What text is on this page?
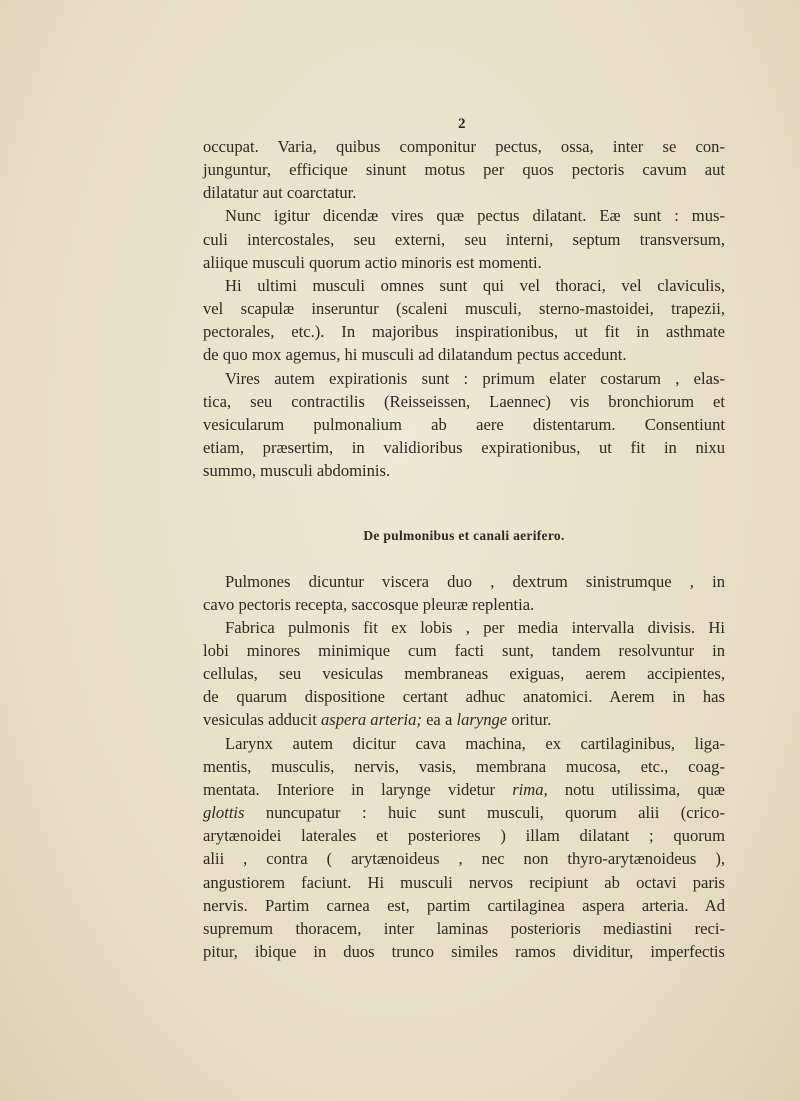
2
occupat. Varia, quibus componitur pectus, ossa, inter se con-
junguntur, efficique sinunt motus per quos pectoris cavum aut
dilatatur aut coarctatur.
Nunc igitur dicendæ vires quæ pectus dilatant. Eæ sunt : mus-
culi intercostales, seu externi, seu interni, septum transversum,
aliique musculi quorum actio minoris est momenti.
Hi ultimi musculi omnes sunt qui vel thoraci, vel claviculis,
vel scapulæ inseruntur (scaleni musculi, sterno-mastoidei, trapezii,
pectorales, etc.). In majoribus inspirationibus, ut fit in asthmate
de quo mox agemus, hi musculi ad dilatandum pectus accedunt.
Vires autem expirationis sunt : primum elater costarum , elas-
tica, seu contractilis (Reisseissen, Laennec) vis bronchiorum et
vesicularum pulmonalium ab aere distentarum. Consentiunt
etiam, præsertim, in validioribus expirationibus, ut fit in nixu
summo, musculi abdominis.
De pulmonibus et canali aerifero.
Pulmones dicuntur viscera duo , dextrum sinistrumque , in
cavo pectoris recepta, saccosque pleuræ replentia.
Fabrica pulmonis fit ex lobis , per media intervalla divisis. Hi
lobi minores minimique cum facti sunt, tandem resolvuntur in
cellulas, seu vesiculas membraneas exiguas, aerem accipientes,
de quarum dispositione certant adhuc anatomici. Aerem in has
vesiculas adducit aspera arteria; ea a larynge oritur.
Larynx autem dicitur cava machina, ex cartilaginibus, liga-
mentis, musculis, nervis, vasis, membrana mucosa, etc., coag-
mentata. Interiore in larynge videtur rima, notu utilissima, quæ
glottis nuncupatur : huic sunt musculi, quorum alii (crico-
arytænoidei laterales et posteriores ) illam dilatant ; quorum
alii , contra ( arytænoideus , nec non thyro-arytænoideus ),
angustiorem faciunt. Hi musculi nervos recipiunt ab octavi paris
nervis. Partim carnea est, partim cartilaginea aspera arteria. Ad
supremum thoracem, inter laminas posterioris mediastini reci-
pitur, ibique in duos trunco similes ramos dividitur, imperfectis
